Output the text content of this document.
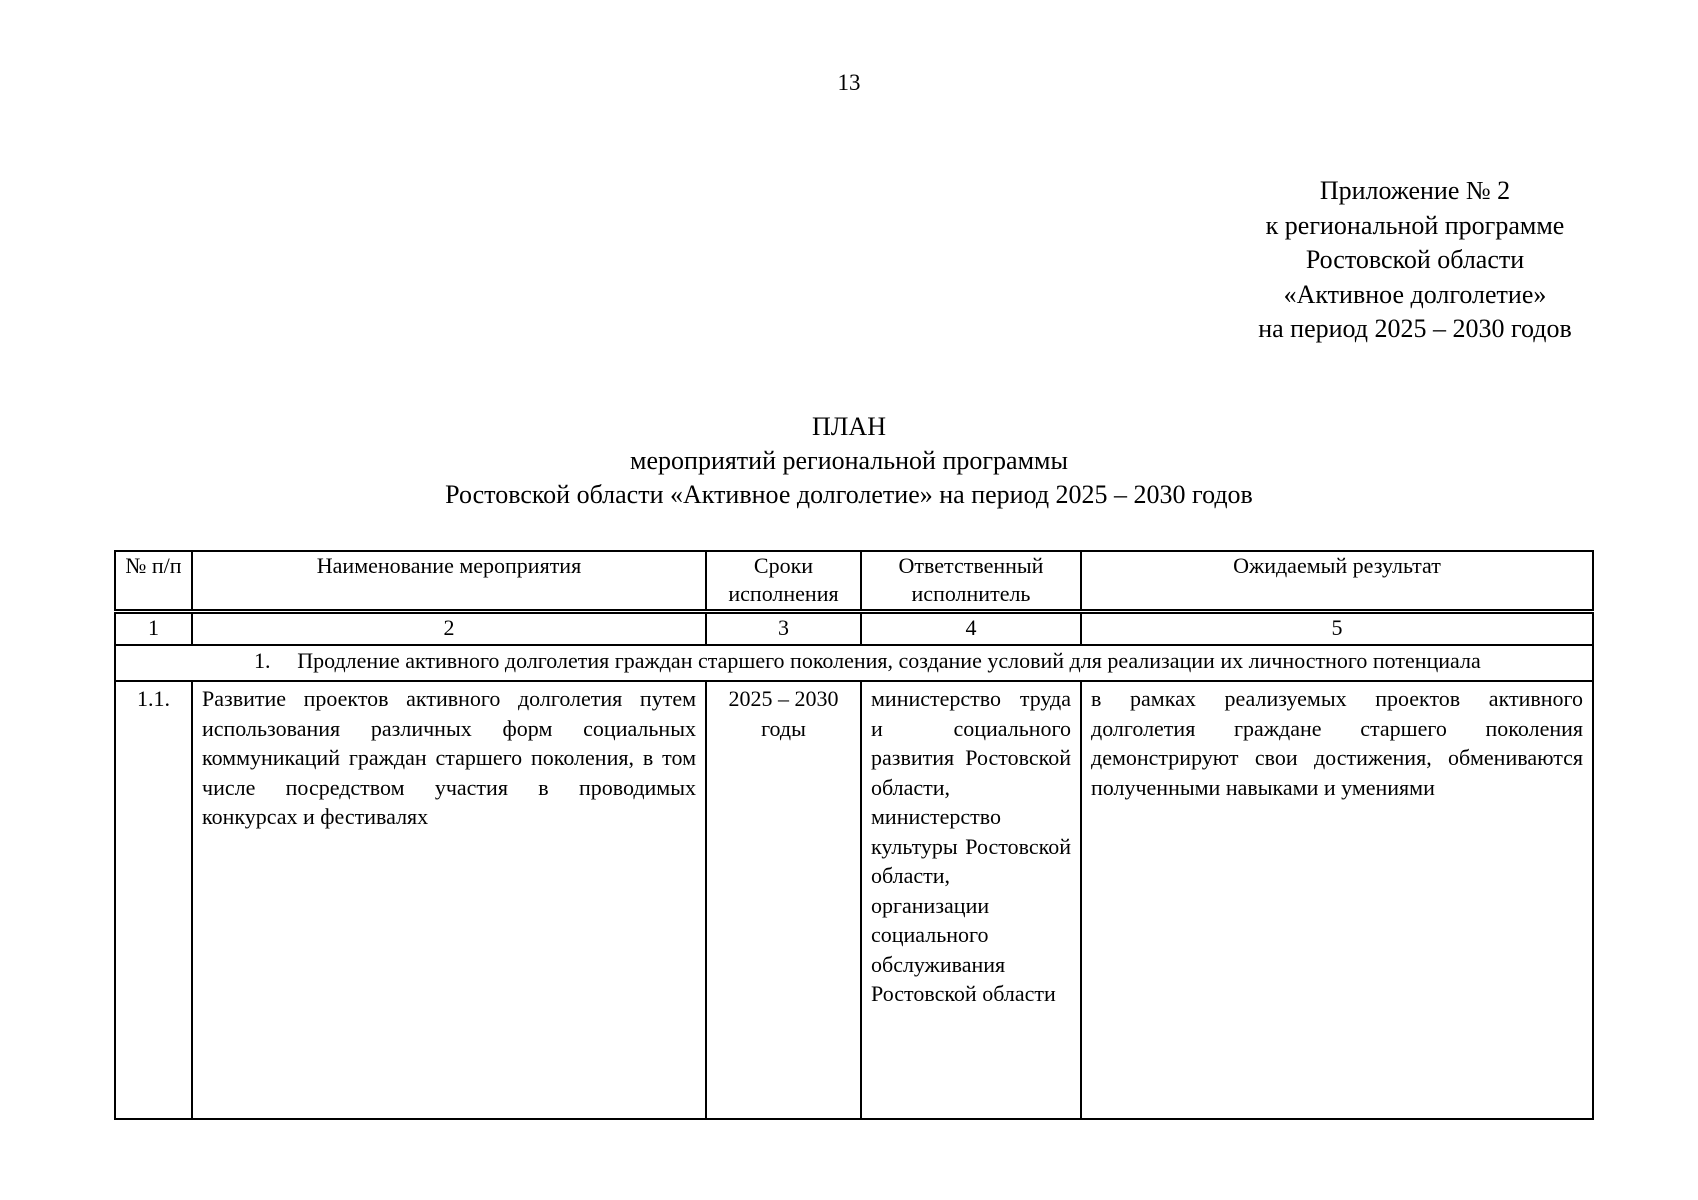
13
Приложение № 2
к региональной программе
Ростовской области
«Активное долголетие»
на период 2025 – 2030 годов
ПЛАН
мероприятий региональной программы
Ростовской области «Активное долголетие» на период 2025 – 2030 годов
№ п/п	Наименование мероприятия	Сроки исполнения	Ответственный исполнитель	Ожидаемый результат
1	2	3	4	5
1. Продление активного долголетия граждан старшего поколения, создание условий для реализации их личностного потенциала				
1.1.	Развитие проектов активного долголетия путем использования различных форм социальных коммуникаций граждан старшего поколения, в том числе посредством участия в проводимых конкурсах и фестивалях	2025 – 2030 годы	министерство труда и социального развития Ростовской области, министерство культуры Ростовской области, организации социального обслуживания Ростовской области	в рамках реализуемых проектов активного долголетия граждане старшего поколения демонстрируют свои достижения, обмениваются полученными навыками и умениями
